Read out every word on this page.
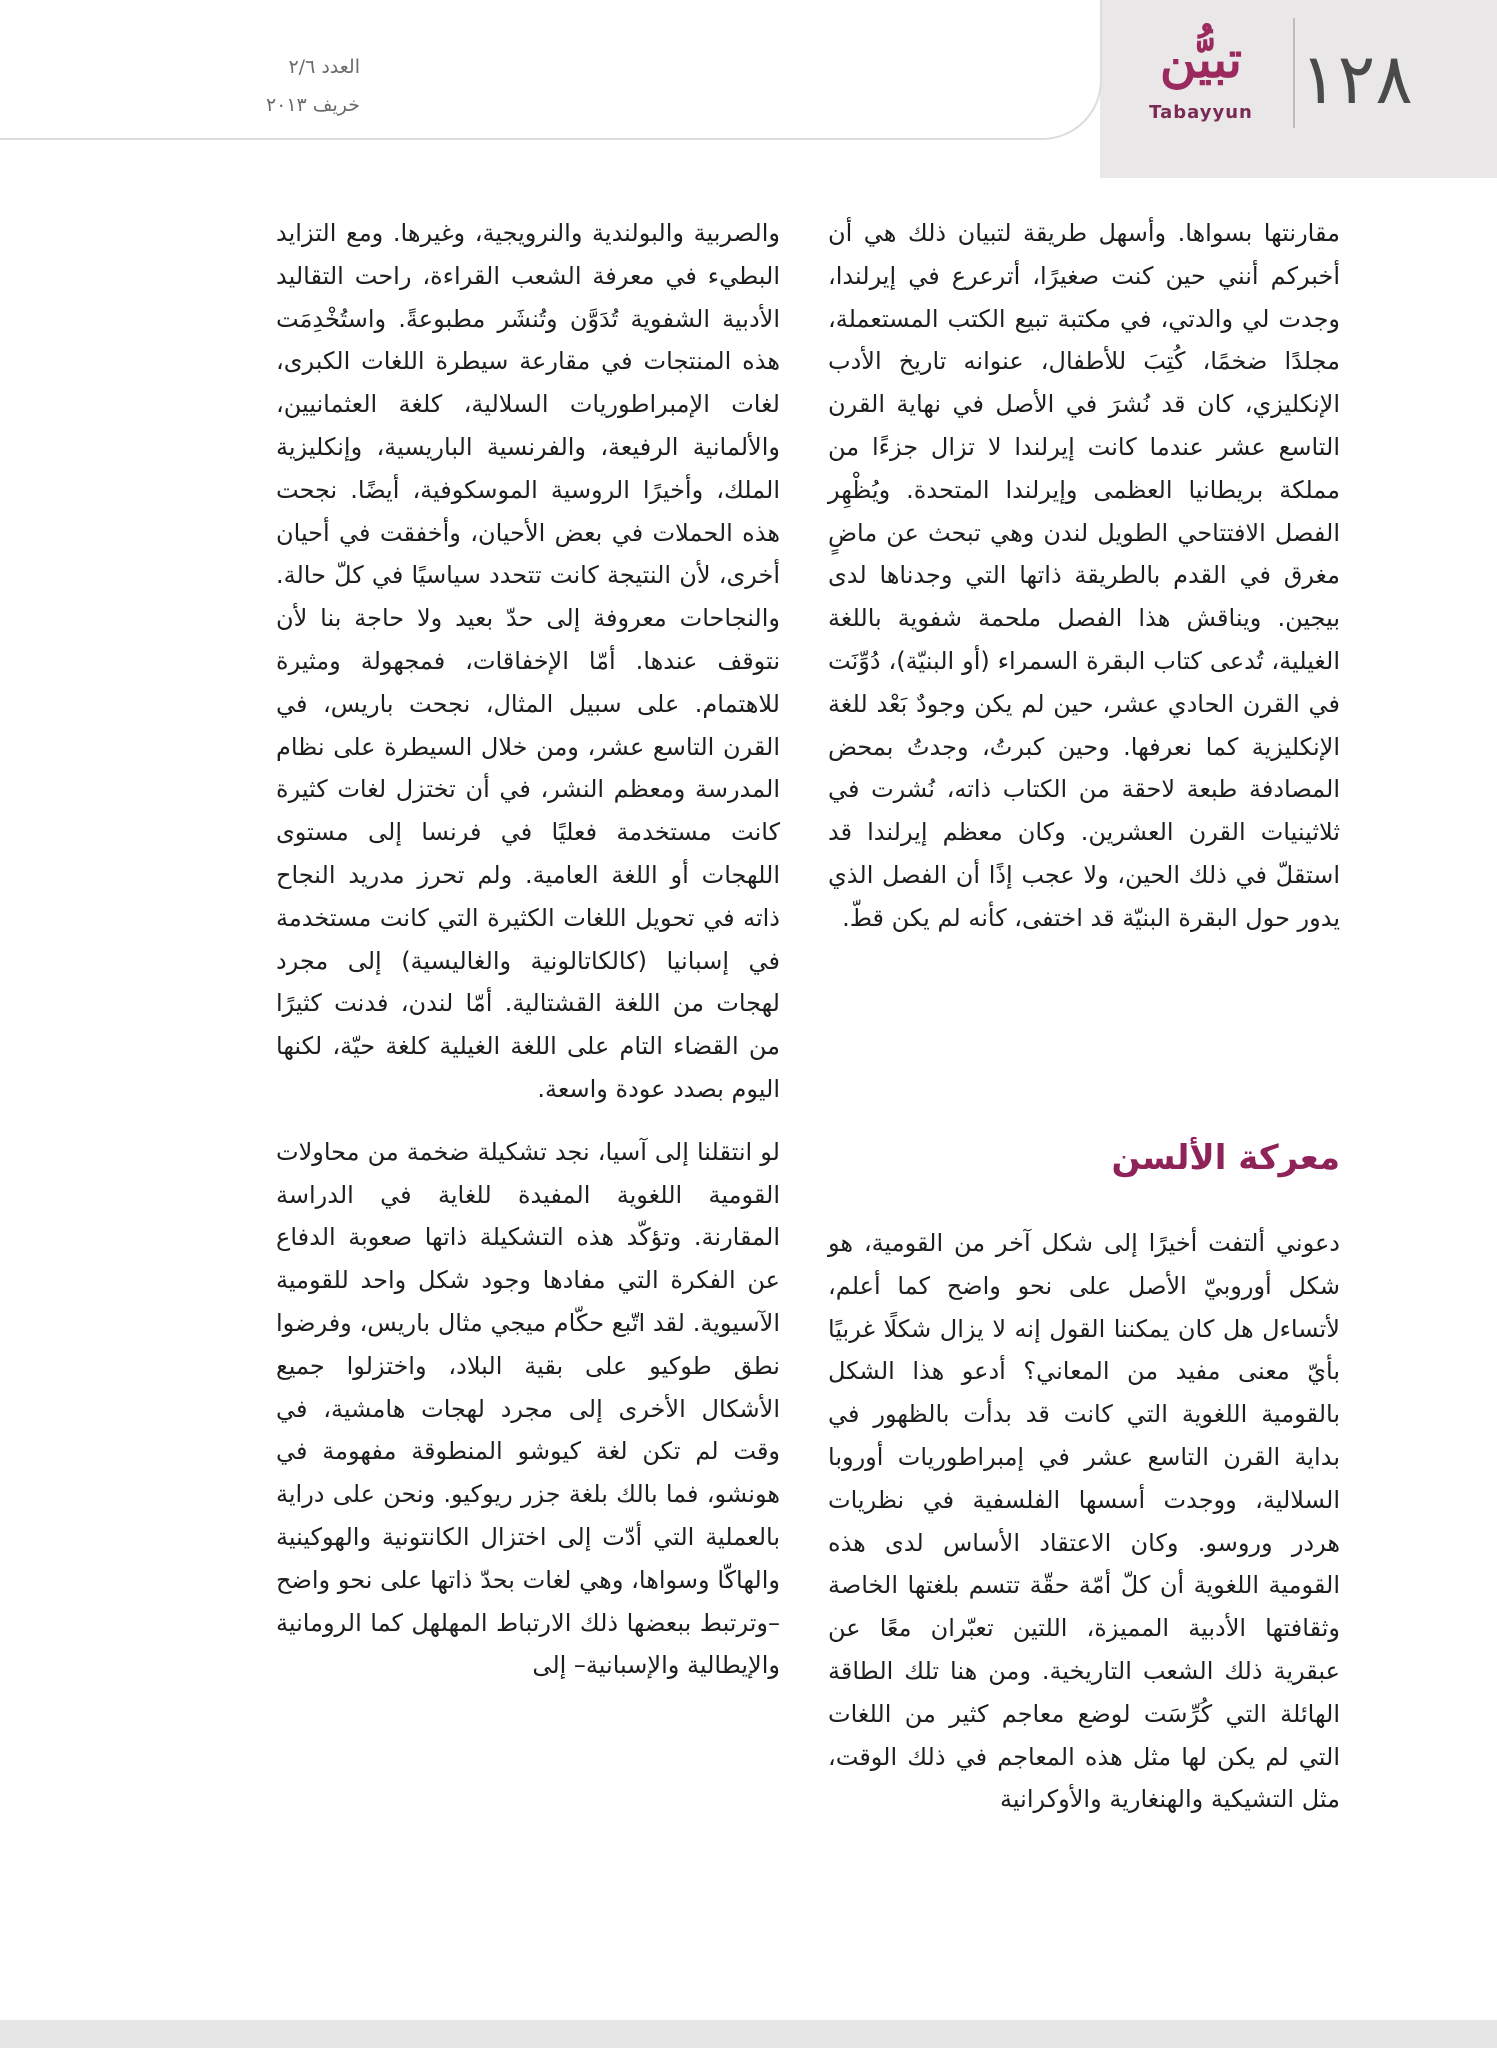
١٢٨
تبيُّن
Tabayyun
العدد ٢/٦
خريف ٢٠١٣

مقارنتها بسواها. وأسهل طريقة لتبيان ذلك هي أن أخبركم أنني حين كنت صغيرًا، أترعرع في إيرلندا، وجدت لي والدتي، في مكتبة تبيع الكتب المستعملة، مجلدًا ضخمًا، كُتِبَ للأطفال، عنوانه تاريخ الأدب الإنكليزي، كان قد نُشرَ في الأصل في نهاية القرن التاسع عشر عندما كانت إيرلندا لا تزال جزءًا من مملكة بريطانيا العظمى وإيرلندا المتحدة. ويُظْهِر الفصل الافتتاحي الطويل لندن وهي تبحث عن ماضٍ مغرق في القدم بالطريقة ذاتها التي وجدناها لدى بيجين. ويناقش هذا الفصل ملحمة شفوية باللغة الغيلية، تُدعى كتاب البقرة السمراء (أو البنيّة)، دُوِّنَت في القرن الحادي عشر، حين لم يكن وجودٌ بَعْد للغة الإنكليزية كما نعرفها. وحين كبرتُ، وجدتُ بمحض المصادفة طبعة لاحقة من الكتاب ذاته، نُشرت في ثلاثينيات القرن العشرين. وكان معظم إيرلندا قد استقلّ في ذلك الحين، ولا عجب إذًا أن الفصل الذي يدور حول البقرة البنيّة قد اختفى، كأنه لم يكن قطّ.

معركة الألسن

دعوني ألتفت أخيرًا إلى شكل آخر من القومية، هو شكل أوروبيّ الأصل على نحو واضح كما أعلم، لأتساءل هل كان يمكننا القول إنه لا يزال شكلًا غربيًا بأيّ معنى مفيد من المعاني؟ أدعو هذا الشكل بالقومية اللغوية التي كانت قد بدأت بالظهور في بداية القرن التاسع عشر في إمبراطوريات أوروبا السلالية، ووجدت أسسها الفلسفية في نظريات هردر وروسو. وكان الاعتقاد الأساس لدى هذه القومية اللغوية أن كلّ أمّة حقّة تتسم بلغتها الخاصة وثقافتها الأدبية المميزة، اللتين تعبّران معًا عن عبقرية ذلك الشعب التاريخية. ومن هنا تلك الطاقة الهائلة التي كُرِّسَت لوضع معاجم كثير من اللغات التي لم يكن لها مثل هذه المعاجم في ذلك الوقت، مثل التشيكية والهنغارية والأوكرانية

والصربية والبولندية والنرويجية، وغيرها. ومع التزايد البطيء في معرفة الشعب القراءة، راحت التقاليد الأدبية الشفوية تُدَوَّن وتُنشَر مطبوعةً. واستُخْدِمَت هذه المنتجات في مقارعة سيطرة اللغات الكبرى، لغات الإمبراطوريات السلالية، كلغة العثمانيين، والألمانية الرفيعة، والفرنسية الباريسية، وإنكليزية الملك، وأخيرًا الروسية الموسكوفية، أيضًا. نجحت هذه الحملات في بعض الأحيان، وأخفقت في أحيان أخرى، لأن النتيجة كانت تتحدد سياسيًا في كلّ حالة. والنجاحات معروفة إلى حدّ بعيد ولا حاجة بنا لأن نتوقف عندها. أمّا الإخفاقات، فمجهولة ومثيرة للاهتمام. على سبيل المثال، نجحت باريس، في القرن التاسع عشر، ومن خلال السيطرة على نظام المدرسة ومعظم النشر، في أن تختزل لغات كثيرة كانت مستخدمة فعليًا في فرنسا إلى مستوى اللهجات أو اللغة العامية. ولم تحرز مدريد النجاح ذاته في تحويل اللغات الكثيرة التي كانت مستخدمة في إسبانيا (كالكاتالونية والغاليسية) إلى مجرد لهجات من اللغة القشتالية. أمّا لندن، فدنت كثيرًا من القضاء التام على اللغة الغيلية كلغة حيّة، لكنها اليوم بصدد عودة واسعة.

لو انتقلنا إلى آسيا، نجد تشكيلة ضخمة من محاولات القومية اللغوية المفيدة للغاية في الدراسة المقارنة. وتؤكّد هذه التشكيلة ذاتها صعوبة الدفاع عن الفكرة التي مفادها وجود شكل واحد للقومية الآسيوية. لقد اتّبع حكّام ميجي مثال باريس، وفرضوا نطق طوكيو على بقية البلاد، واختزلوا جميع الأشكال الأخرى إلى مجرد لهجات هامشية، في وقت لم تكن لغة كيوشو المنطوقة مفهومة في هونشو، فما بالك بلغة جزر ريوكيو. ونحن على دراية بالعملية التي أدّت إلى اختزال الكانتونية والهوكينية والهاكّا وسواها، وهي لغات بحدّ ذاتها على نحو واضح –وترتبط ببعضها ذلك الارتباط المهلهل كما الرومانية والإيطالية والإسبانية– إلى
